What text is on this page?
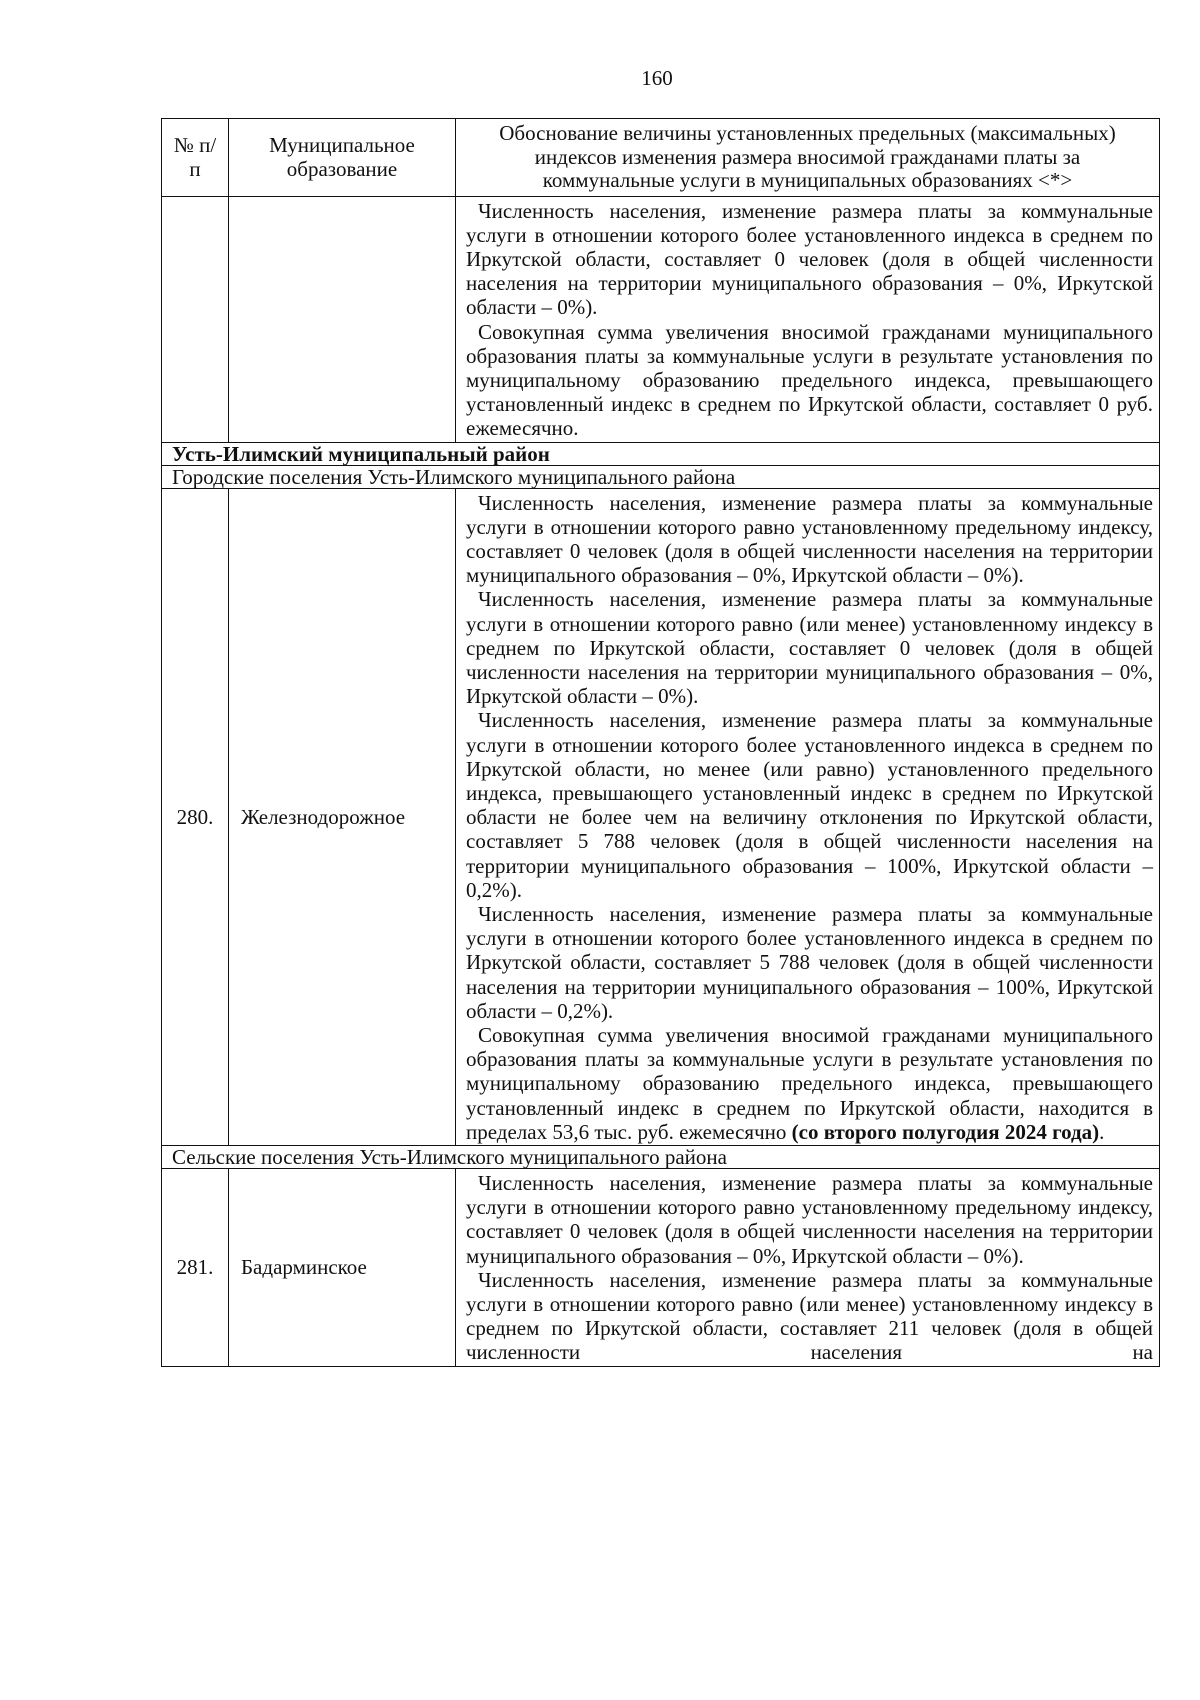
160
№ п/п	Муниципальное образование	Обоснование величины установленных предельных (максимальных) индексов изменения размера вносимой гражданами платы за коммунальные услуги в муниципальных образованиях <*>

		Численность населения, изменение размера платы за коммунальные услуги в отношении которого более установленного индекса в среднем по Иркутской области, составляет 0 человек (доля в общей численности населения на территории муниципального образования – 0%, Иркутской области – 0%).

Совокупная сумма увеличения вносимой гражданами муниципального образования платы за коммунальные услуги в результате установления по муниципальному образованию предельного индекса, превышающего установленный индекс в среднем по Иркутской области, составляет 0 руб. ежемесячно.

Усть-Илимский муниципальный район		
Городские поселения Усть-Илимского муниципального района		
280.	Железнодорожное	Численность населения, изменение размера платы за коммунальные услуги в отношении которого равно установленному предельному индексу, составляет 0 человек (доля в общей численности населения на территории муниципального образования – 0%, Иркутской области – 0%).

Численность населения, изменение размера платы за коммунальные услуги в отношении которого равно (или менее) установленному индексу в среднем по Иркутской области, составляет 0 человек (доля в общей численности населения на территории муниципального образования – 0%, Иркутской области – 0%).

Численность населения, изменение размера платы за коммунальные услуги в отношении которого более установленного индекса в среднем по Иркутской области, но менее (или равно) установленного предельного индекса, превышающего установленный индекс в среднем по Иркутской области не более чем на величину отклонения по Иркутской области, составляет 5 788 человек (доля в общей численности населения на территории муниципального образования – 100%, Иркутской области – 0,2%).

Численность населения, изменение размера платы за коммунальные услуги в отношении которого более установленного индекса в среднем по Иркутской области, составляет 5 788 человек (доля в общей численности населения на территории муниципального образования – 100%, Иркутской области – 0,2%).

Совокупная сумма увеличения вносимой гражданами муниципального образования платы за коммунальные услуги в результате установления по муниципальному образованию предельного индекса, превышающего установленный индекс в среднем по Иркутской области, находится в пределах 53,6 тыс. руб. ежемесячно (со второго полугодия 2024 года).

Сельские поселения Усть-Илимского муниципального района		
281.	Бадарминское	Численность населения, изменение размера платы за коммунальные услуги в отношении которого равно установленному предельному индексу, составляет 0 человек (доля в общей численности населения на территории муниципального образования – 0%, Иркутской области – 0%).

Численность населения, изменение размера платы за коммунальные услуги в отношении которого равно (или менее) установленному индексу в среднем по Иркутской области, составляет 211 человек (доля в общей численности населения на
